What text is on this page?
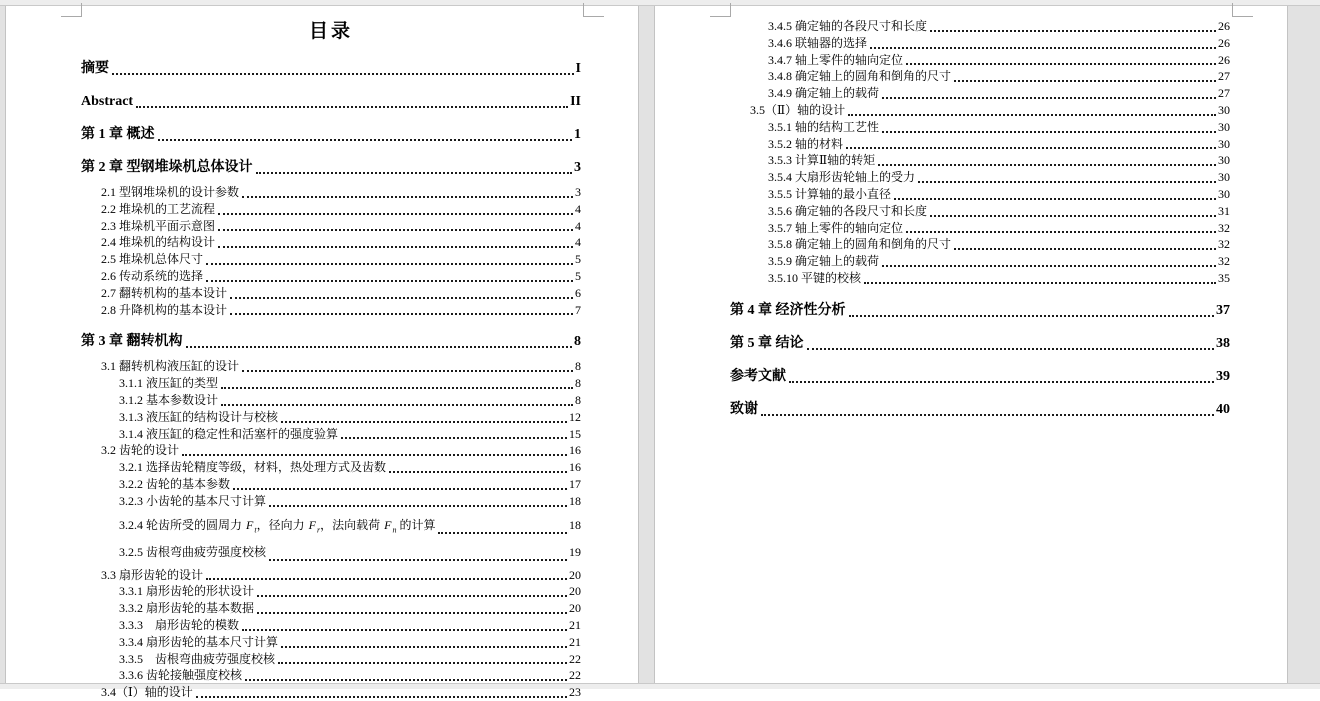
目录
摘要	I
Abstract	II
第 1 章 概述	1
第 2 章 型钢堆垛机总体设计	3
2.1 型钢堆垛机的设计参数	3
2.2 堆垛机的工艺流程	4
2.3 堆垛机平面示意图	4
2.4 堆垛机的结构设计	4
2.5 堆垛机总体尺寸	5
2.6 传动系统的选择	5
2.7 翻转机构的基本设计	6
2.8 升降机构的基本设计	7
第 3 章 翻转机构	8
3.1 翻转机构液压缸的设计	8
3.1.1 液压缸的类型	8
3.1.2 基本参数设计	8
3.1.3 液压缸的结构设计与校核	12
3.1.4 液压缸的稳定性和活塞杆的强度验算	15
3.2 齿轮的设计	16
3.2.1 选择齿轮精度等级，材料，热处理方式及齿数	16
3.2.2 齿轮的基本参数	17
3.2.3 小齿轮的基本尺寸计算	18
3.2.4 轮齿所受的圆周力 $F_t$，径向力 $F_r$，法向载荷 $F_n$ 的计算	18
3.2.5 齿根弯曲疲劳强度校核	19
3.3 扇形齿轮的设计	20
3.3.1 扇形齿轮的形状设计	20
3.3.2 扇形齿轮的基本数据	20
3.3.3　扇形齿轮的模数	21
3.3.4 扇形齿轮的基本尺寸计算	21
3.3.5　齿根弯曲疲劳强度校核	22
3.3.6 齿轮接触强度校核	22
3.4（Ⅰ）轴的设计	23
3.4.5 确定轴的各段尺寸和长度	26
3.4.6 联轴器的选择	26
3.4.7 轴上零件的轴向定位	26
3.4.8 确定轴上的圆角和倒角的尺寸	27
3.4.9 确定轴上的载荷	27
3.5（Ⅱ）轴的设计	30
3.5.1 轴的结构工艺性	30
3.5.2 轴的材料	30
3.5.3 计算Ⅱ轴的转矩	30
3.5.4 大扇形齿轮轴上的受力	30
3.5.5 计算轴的最小直径	30
3.5.6 确定轴的各段尺寸和长度	31
3.5.7 轴上零件的轴向定位	32
3.5.8 确定轴上的圆角和倒角的尺寸	32
3.5.9 确定轴上的载荷	32
3.5.10 平键的校核	35
第 4 章 经济性分析	37
第 5 章 结论	38
参考文献	39
致谢	40
